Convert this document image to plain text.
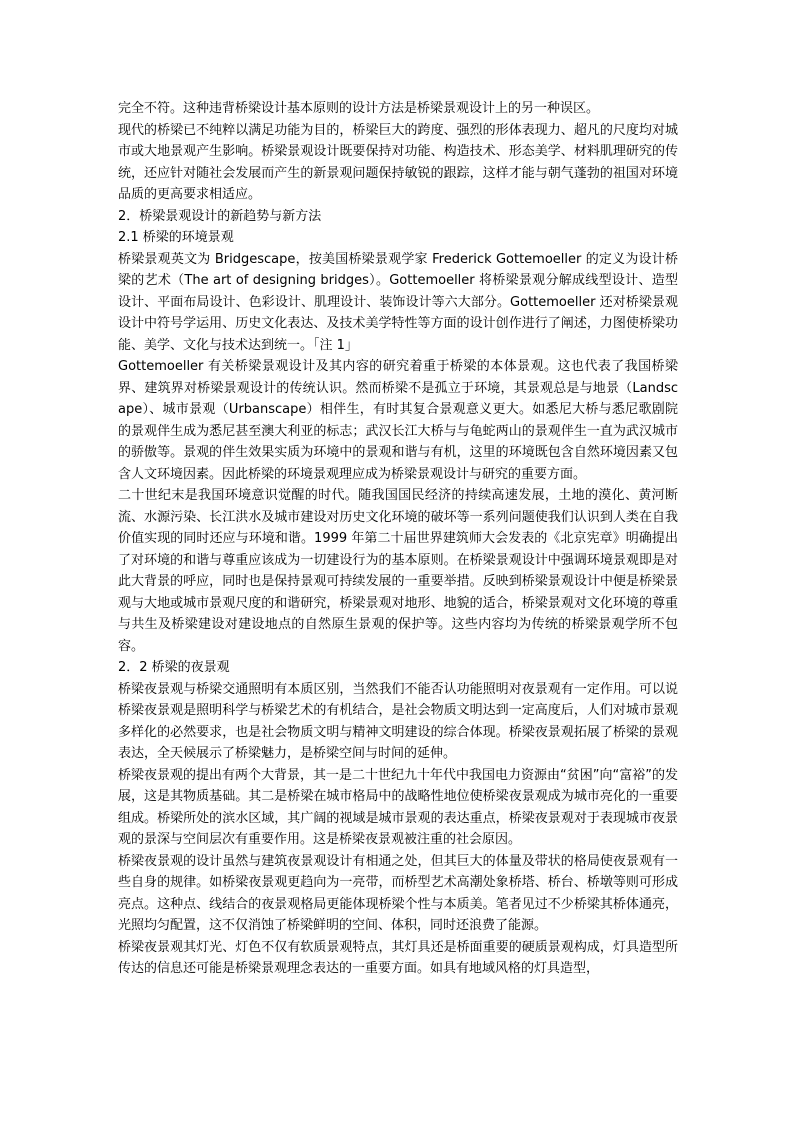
完全不符。这种违背桥梁设计基本原则的设计方法是桥梁景观设计上的另一种误区。

现代的桥梁已不纯粹以满足功能为目的，桥梁巨大的跨度、强烈的形体表现力、超凡的尺度均对城市或大地景观产生影响。桥梁景观设计既要保持对功能、构造技术、形态美学、材料肌理研究的传统，还应针对随社会发展而产生的新景观问题保持敏锐的跟踪，这样才能与朝气蓬勃的祖国对环境品质的更高要求相适应。

2．桥梁景观设计的新趋势与新方法

2.1 桥梁的环境景观

桥梁景观英文为 Bridgescape，按美国桥梁景观学家 Frederick Gottemoeller 的定义为设计桥梁的艺术（The art of designing bridges）。Gottemoeller 将桥梁景观分解成线型设计、造型设计、平面布局设计、色彩设计、肌理设计、装饰设计等六大部分。Gottemoeller 还对桥梁景观设计中符号学运用、历史文化表达、及技术美学特性等方面的设计创作进行了阐述，力图使桥梁功能、美学、文化与技术达到统一。「注 1」

Gottemoeller 有关桥梁景观设计及其内容的研究着重于桥梁的本体景观。这也代表了我国桥梁界、建筑界对桥梁景观设计的传统认识。然而桥梁不是孤立于环境，其景观总是与地景（Landscape）、城市景观（Urbanscape）相伴生，有时其复合景观意义更大。如悉尼大桥与悉尼歌剧院的景观伴生成为悉尼甚至澳大利亚的标志；武汉长江大桥与与龟蛇两山的景观伴生一直为武汉城市的骄傲等。景观的伴生效果实质为环境中的景观和谐与有机，这里的环境既包含自然环境因素又包含人文环境因素。因此桥梁的环境景观理应成为桥梁景观设计与研究的重要方面。

二十世纪末是我国环境意识觉醒的时代。随我国国民经济的持续高速发展，土地的漠化、黄河断流、水源污染、长江洪水及城市建设对历史文化环境的破坏等一系列问题使我们认识到人类在自我价值实现的同时还应与环境和谐。1999 年第二十届世界建筑师大会发表的《北京宪章》明确提出了对环境的和谐与尊重应该成为一切建设行为的基本原则。在桥梁景观设计中强调环境景观即是对此大背景的呼应，同时也是保持景观可持续发展的一重要举措。反映到桥梁景观设计中便是桥梁景观与大地或城市景观尺度的和谐研究，桥梁景观对地形、地貌的适合，桥梁景观对文化环境的尊重与共生及桥梁建设对建设地点的自然原生景观的保护等。这些内容均为传统的桥梁景观学所不包容。

2．2 桥梁的夜景观

桥梁夜景观与桥梁交通照明有本质区别，当然我们不能否认功能照明对夜景观有一定作用。可以说桥梁夜景观是照明科学与桥梁艺术的有机结合，是社会物质文明达到一定高度后，人们对城市景观多样化的必然要求，也是社会物质文明与精神文明建设的综合体现。桥梁夜景观拓展了桥梁的景观表达，全天候展示了桥梁魅力，是桥梁空间与时间的延伸。

桥梁夜景观的提出有两个大背景，其一是二十世纪九十年代中我国电力资源由“贫困”向“富裕”的发展，这是其物质基础。其二是桥梁在城市格局中的战略性地位使桥梁夜景观成为城市亮化的一重要组成。桥梁所处的滨水区域，其广阔的视域是城市景观的表达重点，桥梁夜景观对于表现城市夜景观的景深与空间层次有重要作用。这是桥梁夜景观被注重的社会原因。

桥梁夜景观的设计虽然与建筑夜景观设计有相通之处，但其巨大的体量及带状的格局使夜景观有一些自身的规律。如桥梁夜景观更趋向为一亮带，而桥型艺术高潮处象桥塔、桥台、桥墩等则可形成亮点。这种点、线结合的夜景观格局更能体现桥梁个性与本质美。笔者见过不少桥梁其桥体通亮，光照均匀配置，这不仅消蚀了桥梁鲜明的空间、体积，同时还浪费了能源。

桥梁夜景观其灯光、灯色不仅有软质景观特点，其灯具还是桥面重要的硬质景观构成，灯具造型所传达的信息还可能是桥梁景观理念表达的一重要方面。如具有地域风格的灯具造型，
